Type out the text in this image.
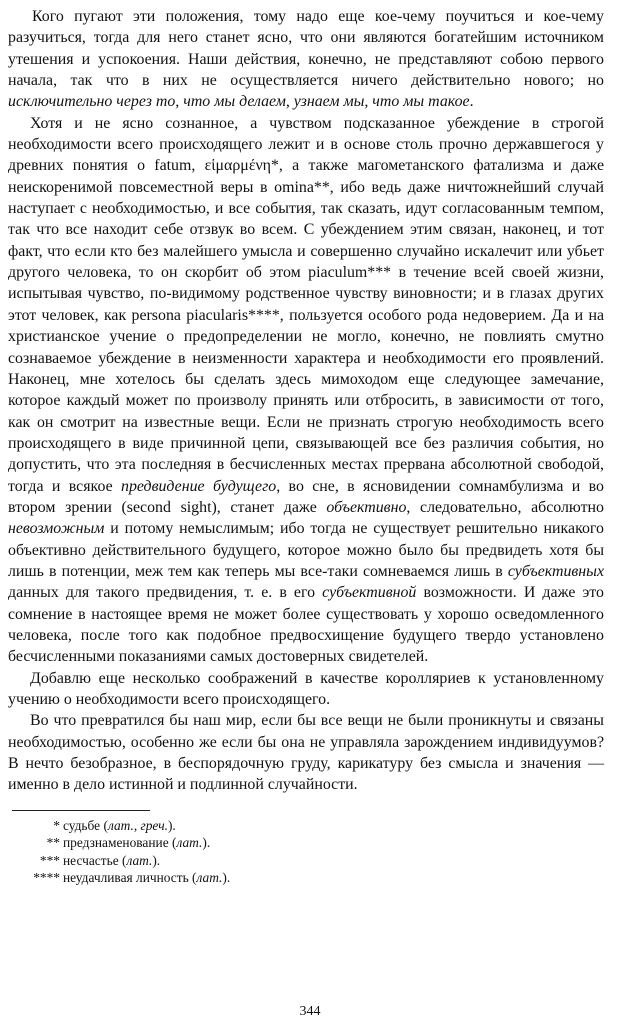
Кого пугают эти положения, тому надо еще кое-чему поучиться и кое-чему разучиться, тогда для него станет ясно, что они являются богатейшим источником утешения и успокоения. Наши действия, конечно, не представляют собою первого начала, так что в них не осуществляется ничего действительно нового; но исключительно через то, что мы делаем, узнаем мы, что мы такое.

Хотя и не ясно сознанное, а чувством подсказанное убеждение в строгой необходимости всего происходящего лежит и в основе столь прочно державшегося у древних понятия о fatum, εἱμαρμένη*, а также магометанского фатализма и даже неискоренимой повсеместной веры в omina**, ибо ведь даже ничтожнейший случай наступает с необходимостью, и все события, так сказать, идут согласованным темпом, так что все находит себе отзвук во всем. С убеждением этим связан, наконец, и тот факт, что если кто без малейшего умысла и совершенно случайно искалечит или убьет другого человека, то он скорбит об этом piaculum*** в течение всей своей жизни, испытывая чувство, по-видимому родственное чувству виновности; и в глазах других этот человек, как persona piacularis****, пользуется особого рода недоверием. Да и на христианское учение о предопределении не могло, конечно, не повлиять смутно сознаваемое убеждение в неизменности характера и необходимости его проявлений. Наконец, мне хотелось бы сделать здесь мимоходом еще следующее замечание, которое каждый может по произволу принять или отбросить, в зависимости от того, как он смотрит на известные вещи. Если не признать строгую необходимость всего происходящего в виде причинной цепи, связывающей все без различия события, но допустить, что эта последняя в бесчисленных местах прервана абсолютной свободой, тогда и всякое предвидение будущего, во сне, в ясновидении сомнамбулизма и во втором зрении (second sight), станет даже объективно, следовательно, абсолютно невозможным и потому немыслимым; ибо тогда не существует решительно никакого объективно действительного будущего, которое можно было бы предвидеть хотя бы лишь в потенции, меж тем как теперь мы все-таки сомневаемся лишь в субъективных данных для такого предвидения, т. е. в его субъективной возможности. И даже это сомнение в настоящее время не может более существовать у хорошо осведомленного человека, после того как подобное предвосхищение будущего твердо установлено бесчисленными показаниями самых достоверных свидетелей.

Добавлю еще несколько соображений в качестве королляриев к установленному учению о необходимости всего происходящего.

Во что превратился бы наш мир, если бы все вещи не были проникнуты и связаны необходимостью, особенно же если бы она не управляла зарождением индивидуумов? В нечто безобразное, в беспорядочную груду, карикатуру без смысла и значения — именно в дело истинной и подлинной случайности.

* судьбе (лат., греч.).

** предзнаменование (лат.).

*** несчастье (лат.).

**** неудачливая личность (лат.).

344
